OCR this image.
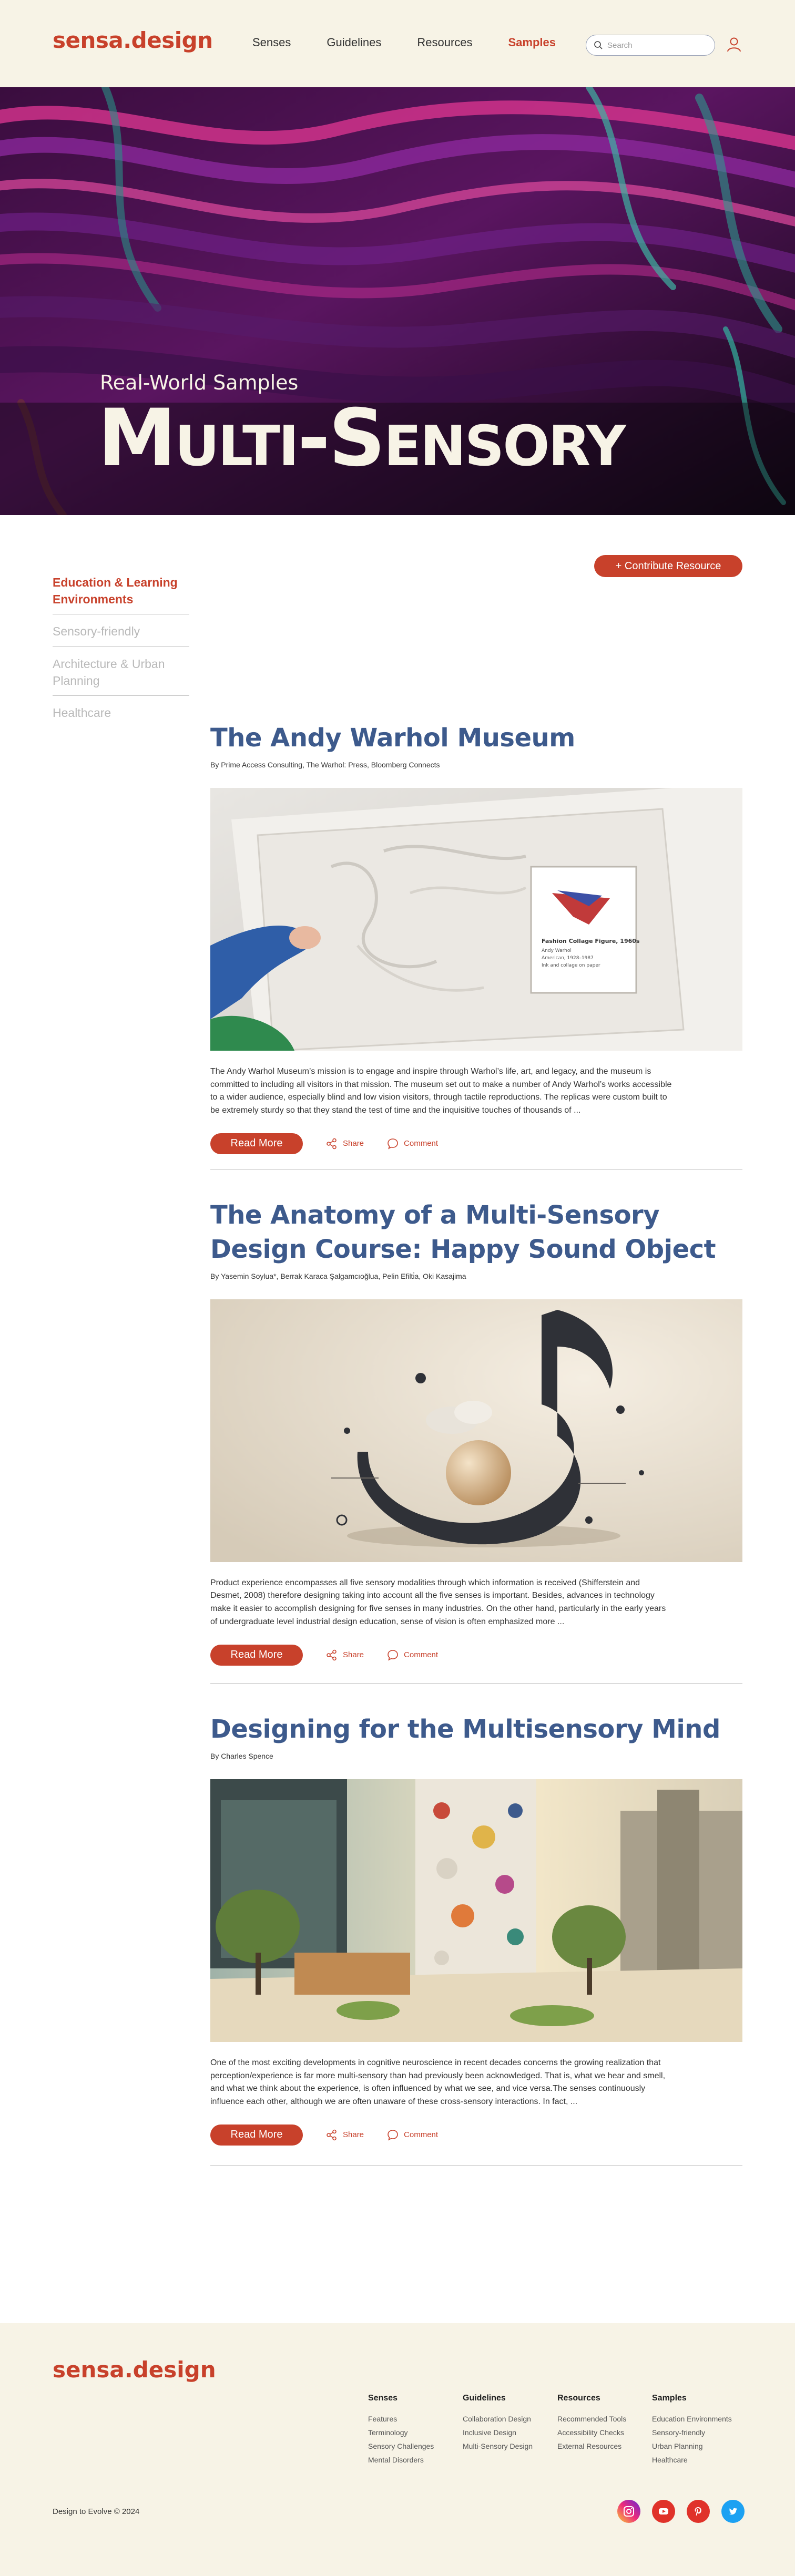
sensa.design	Senses	Guidelines	Resources	Samples
Search
Real-World Samples
Multi-Sensory
+ Contribute Resource
Education & Learning Environments
Sensory-friendly
Architecture & Urban Planning
Healthcare
The Andy Warhol Museum
By Prime Access Consulting, The Warhol: Press, Bloomberg Connects
Fashion Collage Figure, 1960s
Andy Warhol
American, 1928–1987
Ink and collage on paper

The Andy Warhol Museum’s mission is to engage and inspire through Warhol’s life, art, and legacy, and the museum is committed to including all visitors in that mission. The museum set out to make a number of Andy Warhol’s works accessible to a wider audience, especially blind and low vision visitors, through tactile reproductions. The replicas were custom built to be extremely sturdy so that they stand the test of time and the inquisitive touches of thousands of ...

Read More	Share	Comment
The Anatomy of a Multi-Sensory Design Course: Happy Sound Object
By Yasemin Soylua*, Berrak Karaca Şalgamcıoğlua, Pelin Efilti̇a, Oki Kasajima

Product experience encompasses all five sensory modalities through which information is received (Shifferstein and Desmet, 2008) therefore designing taking into account all the five senses is important. Besides, advances in technology make it easier to accomplish designing for five senses in many industries. On the other hand, particularly in the early years of undergraduate level industrial design education, sense of vision is often emphasized more ...

Read More	Share	Comment
Designing for the Multisensory Mind
By Charles Spence

One of the most exciting developments in cognitive neuroscience in recent decades concerns the growing realization that perception/experience is far more multi-sensory than had previously been acknowledged. That is, what we hear and smell, and what we think about the experience, is often influenced by what we see, and vice versa.The senses continuously influence each other, although we are often unaware of these cross-sensory interactions. In fact, ...

Read More	Share	Comment
sensa.design
Senses
Features
Terminology
Sensory Challenges
Mental Disorders
Guidelines
Collaboration Design
Inclusive Design
Multi-Sensory Design
Resources
Recommended Tools
Accessibility Checks
External Resources
Samples
Education Environments
Sensory-friendly
Urban Planning
Healthcare
Design to Evolve © 2024
